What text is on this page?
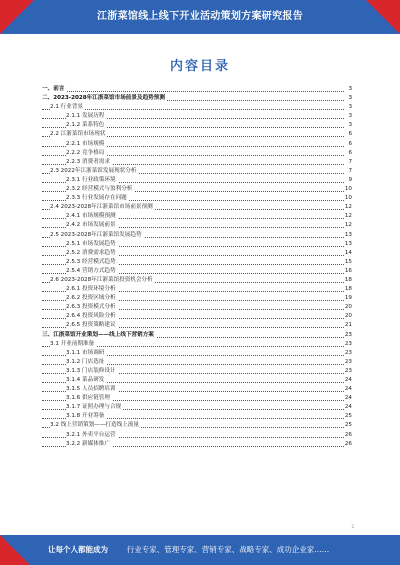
江浙菜馆线上线下开业活动策划方案研究报告
内容目录
一、前言	3
二、2023-2028年江浙菜馆市场前景及趋势预测	3
2.1 行业背景	3
2.1.1 发展历程	3
2.1.2 菜系特色	3
2.2 江浙菜馆市场现状	6
2.2.1 市场规模	6
2.2.2 竞争格局	6
2.2.3 消费者需求	7
2.3 2022年江浙菜馆发展现状分析	7
2.3.1 行业政策环境	9
2.3.2 经营模式与盈利分析	10
2.3.3 行业发展存在问题	10
2.4 2023-2028年江浙菜馆市场前景预测	12
2.4.1 市场规模预测	12
2.4.2 市场发展前景	12
2.5 2023-2028年江浙菜馆发展趋势	13
2.5.1 市场发展趋势	13
2.5.2 消费需求趋势	14
2.5.3 经营模式趋势	15
2.5.4 营销方式趋势	16
2.6 2023-2028年江浙菜馆投资机会分析	18
2.6.1 投资环境分析	18
2.6.2 投资区域分析	19
2.6.3 投资模式分析	20
2.6.4 投资风险分析	20
2.6.5 投资策略建议	21
三、江浙菜馆开业策划——线上线下营销方案	23
3.1 开业前期准备	23
3.1.1 市场调研	23
3.1.2 门店选址	23
3.1.3 门店装修设计	23
3.1.4 菜品研发	24
3.1.5 人员招聘培训	24
3.1.6 供应链管理	24
3.1.7 证照办理与合规	24
3.1.8 开业筹备	25
3.2 线上营销策划——打造线上流量	25
3.2.1 外卖平台运营	26
3.2.2 新媒体推广	26
2
让每个人都能成为	行业专家、管理专家、营销专家、战略专家、成功企业家……
